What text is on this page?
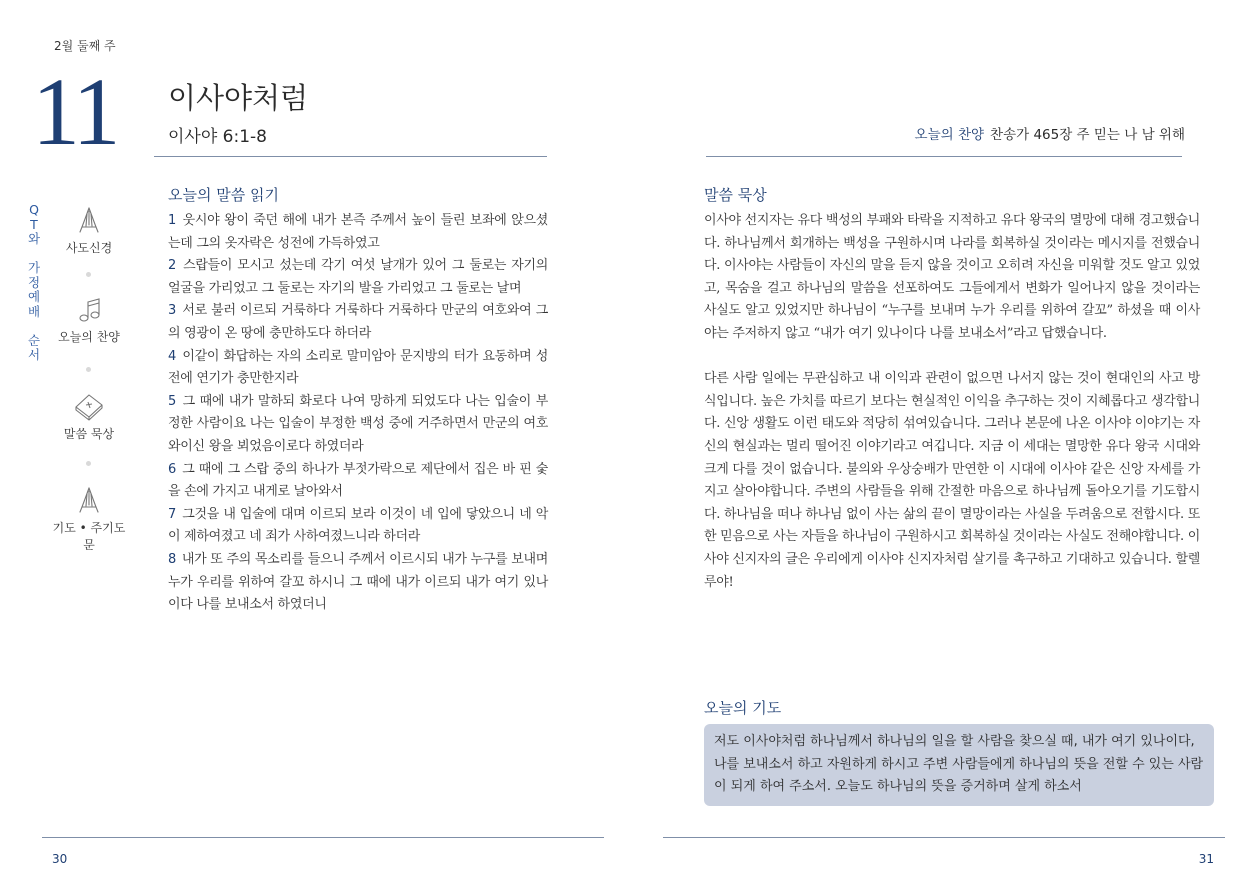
2월 둘째 주
11 이사야처럼
이사야 6:1-8	오늘의 찬양 찬송가 465장 주 믿는 나 남 위해
Q
T
와
가
정
예
배
순
서
사도신경
오늘의 찬양
말씀 묵상
기도 • 주기도문
오늘의 말씀 읽기
1 웃시야 왕이 죽던 해에 내가 본즉 주께서 높이 들린 보좌에 앉으셨는데 그의 옷자락은 성전에 가득하였고
2 스랍들이 모시고 섰는데 각기 여섯 날개가 있어 그 둘로는 자기의 얼굴을 가리었고 그 둘로는 자기의 발을 가리었고 그 둘로는 날며
3 서로 불러 이르되 거룩하다 거룩하다 거룩하다 만군의 여호와여 그의 영광이 온 땅에 충만하도다 하더라
4 이같이 화답하는 자의 소리로 말미암아 문지방의 터가 요동하며 성전에 연기가 충만한지라
5 그 때에 내가 말하되 화로다 나여 망하게 되었도다 나는 입술이 부정한 사람이요 나는 입술이 부정한 백성 중에 거주하면서 만군의 여호와이신 왕을 뵈었음이로다 하였더라
6 그 때에 그 스랍 중의 하나가 부젓가락으로 제단에서 집은 바 핀 숯을 손에 가지고 내게로 날아와서
7 그것을 내 입술에 대며 이르되 보라 이것이 네 입에 닿았으니 네 악이 제하여졌고 네 죄가 사하여졌느니라 하더라
8 내가 또 주의 목소리를 들으니 주께서 이르시되 내가 누구를 보내며 누가 우리를 위하여 갈꼬 하시니 그 때에 내가 이르되 내가 여기 있나이다 나를 보내소서 하였더니
말씀 묵상

이사야 선지자는 유다 백성의 부패와 타락을 지적하고 유다 왕국의 멸망에 대해 경고했습니다. 하나님께서 회개하는 백성을 구원하시며 나라를 회복하실 것이라는 메시지를 전했습니다. 이사야는 사람들이 자신의 말을 듣지 않을 것이고 오히려 자신을 미워할 것도 알고 있었고, 목숨을 걸고 하나님의 말씀을 선포하여도 그들에게서 변화가 일어나지 않을 것이라는 사실도 알고 있었지만 하나님이 “누구를 보내며 누가 우리를 위하여 갈꼬” 하셨을 때 이사야는 주저하지 않고 “내가 여기 있나이다 나를 보내소서”라고 답했습니다.

다른 사람 일에는 무관심하고 내 이익과 관련이 없으면 나서지 않는 것이 현대인의 사고 방식입니다. 높은 가치를 따르기 보다는 현실적인 이익을 추구하는 것이 지혜롭다고 생각합니다. 신앙 생활도 이런 태도와 적당히 섞여있습니다. 그러나 본문에 나온 이사야 이야기는 자신의 현실과는 멀리 떨어진 이야기라고 여깁니다. 지금 이 세대는 멸망한 유다 왕국 시대와 크게 다를 것이 없습니다. 불의와 우상숭배가 만연한 이 시대에 이사야 같은 신앙 자세를 가지고 살아야합니다. 주변의 사람들을 위해 간절한 마음으로 하나님께 돌아오기를 기도합시다. 하나님을 떠나 하나님 없이 사는 삶의 끝이 멸망이라는 사실을 두려움으로 전합시다. 또한 믿음으로 사는 자들을 하나님이 구원하시고 회복하실 것이라는 사실도 전해야합니다. 이사야 신지자의 글은 우리에게 이사야 신지자처럼 살기를 촉구하고 기대하고 있습니다. 할렐루야!

오늘의 기도
저도 이사야처럼 하나님께서 하나님의 일을 할 사람을 찾으실 때, 내가 여기 있나이다, 나를 보내소서 하고 자원하게 하시고 주변 사람들에게 하나님의 뜻을 전할 수 있는 사람이 되게 하여 주소서. 오늘도 하나님의 뜻을 증거하며 살게 하소서
30	31
